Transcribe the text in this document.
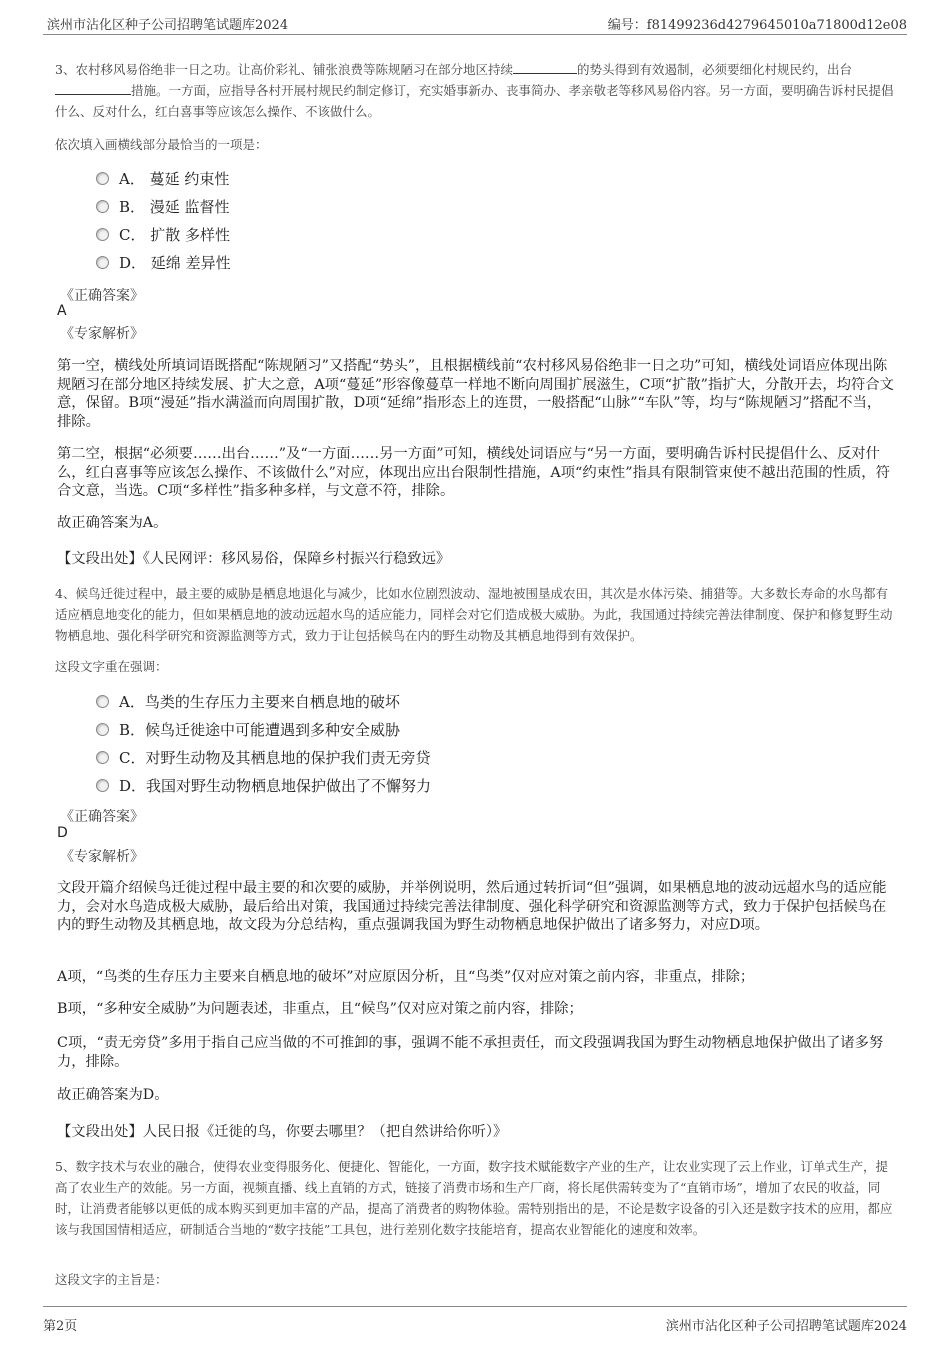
滨州市沾化区种子公司招聘笔试题库2024	编号：f81499236d4279645010a71800d12e08

3、农村移风易俗绝非一日之功。让高价彩礼、铺张浪费等陈规陋习在部分地区持续	的势头得到有效遏制，必须要细化村规民约，出台措施。一方面，应指导各村开展村规民约制定修订，充实婚事新办、丧事简办、孝亲敬老等移风易俗内容。另一方面，要明确告诉村民提倡什么、反对什么，红白喜事等应该怎么操作、不该做什么。

依次填入画横线部分最恰当的一项是：

A． 蔓延 约束性
B． 漫延 监督性
C． 扩散 多样性
D． 延绵 差异性

《正确答案》

A

《专家解析》

第一空，横线处所填词语既搭配“陈规陋习”又搭配“势头”，且根据横线前“农村移风易俗绝非一日之功”可知，横线处词语应体现出陈规陋习在部分地区持续发展、扩大之意，A项“蔓延”形容像蔓草一样地不断向周围扩展滋生，C项“扩散”指扩大，分散开去，均符合文意，保留。B项“漫延”指水满溢而向周围扩散，D项“延绵”指形态上的连贯，一般搭配“山脉”“车队”等，均与“陈规陋习”搭配不当，排除。

第二空，根据“必须要……出台……”及“一方面……另一方面”可知，横线处词语应与“另一方面，要明确告诉村民提倡什么、反对什么，红白喜事等应该怎么操作、不该做什么”对应，体现出应出台限制性措施，A项“约束性”指具有限制管束使不越出范围的性质，符合文意，当选。C项“多样性”指多种多样，与文意不符，排除。

故正确答案为A。

【文段出处】《人民网评：移风易俗，保障乡村振兴行稳致远》

4、候鸟迁徙过程中，最主要的威胁是栖息地退化与减少，比如水位剧烈波动、湿地被围垦成农田，其次是水体污染、捕猎等。大多数长寿命的水鸟都有适应栖息地变化的能力，但如果栖息地的波动远超水鸟的适应能力，同样会对它们造成极大威胁。为此，我国通过持续完善法律制度、保护和修复野生动物栖息地、强化科学研究和资源监测等方式，致力于让包括候鸟在内的野生动物及其栖息地得到有效保护。

这段文字重在强调：

A．鸟类的生存压力主要来自栖息地的破坏
B．候鸟迁徙途中可能遭遇到多种安全威胁
C．对野生动物及其栖息地的保护我们责无旁贷
D．我国对野生动物栖息地保护做出了不懈努力

《正确答案》

D

《专家解析》

文段开篇介绍候鸟迁徙过程中最主要的和次要的威胁，并举例说明，然后通过转折词“但”强调，如果栖息地的波动远超水鸟的适应能力，会对水鸟造成极大威胁，最后给出对策，我国通过持续完善法律制度、强化科学研究和资源监测等方式，致力于保护包括候鸟在内的野生动物及其栖息地，故文段为分总结构，重点强调我国为野生动物栖息地保护做出了诸多努力，对应D项。

A项，“鸟类的生存压力主要来自栖息地的破坏”对应原因分析，且“鸟类”仅对应对策之前内容，非重点，排除；

B项，“多种安全威胁”为问题表述，非重点，且“候鸟”仅对应对策之前内容，排除；

C项，“责无旁贷”多用于指自己应当做的不可推卸的事，强调不能不承担责任，而文段强调我国为野生动物栖息地保护做出了诸多努力，排除。

故正确答案为D。

【文段出处】人民日报《迁徙的鸟，你要去哪里？（把自然讲给你听）》

5、数字技术与农业的融合，使得农业变得服务化、便捷化、智能化，一方面，数字技术赋能数字产业的生产，让农业实现了云上作业，订单式生产，提高了农业生产的效能。另一方面，视频直播、线上直销的方式，链接了消费市场和生产厂商，将长尾供需转变为了“直销市场”，增加了农民的收益，同时，让消费者能够以更低的成本购买到更加丰富的产品，提高了消费者的购物体验。需特别指出的是，不论是数字设备的引入还是数字技术的应用，都应该与我国国情相适应，研制适合当地的“数字技能”工具包，进行差别化数字技能培育，提高农业智能化的速度和效率。

这段文字的主旨是：

第2页	滨州市沾化区种子公司招聘笔试题库2024
